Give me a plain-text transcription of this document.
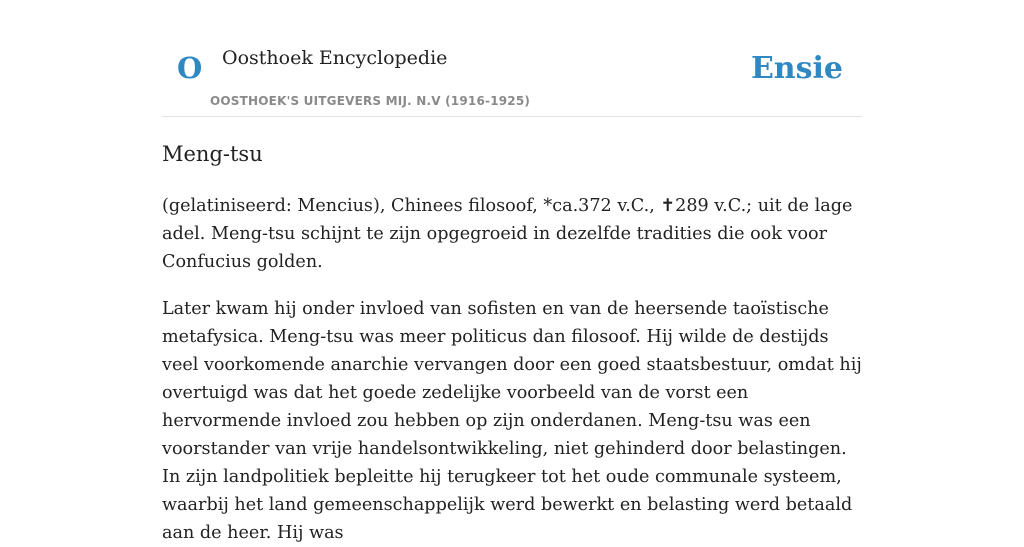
O Oosthoek Encyclopedie
OOSTHOEK'S UITGEVERS MIJ. N.V (1916-1925)
Ensie
Meng-tsu

(gelatiniseerd: Mencius), Chinees filosoof, *ca.372 v.C., ✝289 v.C.; uit de lage adel. Meng-tsu schijnt te zijn opgegroeid in dezelfde tradities die ook voor Confucius golden.

Later kwam hij onder invloed van sofisten en van de heersende taoïstische metafysica. Meng-tsu was meer politicus dan filosoof. Hij wilde de destijds veel voorkomende anarchie vervangen door een goed staatsbestuur, omdat hij overtuigd was dat het goede zedelijke voorbeeld van de vorst een hervormende invloed zou hebben op zijn onderdanen. Meng-tsu was een voorstander van vrije handelsontwikkeling, niet gehinderd door belastingen. In zijn landpolitiek bepleitte hij terugkeer tot het oude communale systeem, waarbij het land gemeenschappelijk werd bewerkt en belasting werd betaald aan de heer. Hij was
